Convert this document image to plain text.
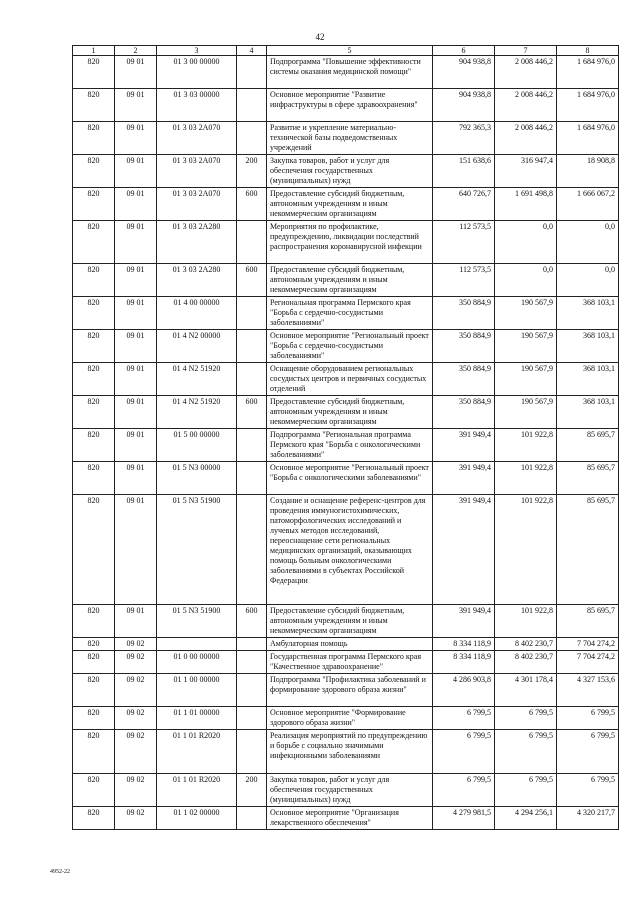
42
1	2	3	4	5	6	7	8
820	09 01	01 3 00 00000		Подпрограмма "Повышение эффективности системы оказания медицинской помощи"	904 938,8	2 008 446,2	1 684 976,0
820	09 01	01 3 03 00000		Основное мероприятие "Развитие инфраструктуры в сфере здравоохранения"	904 938,8	2 008 446,2	1 684 976,0
820	09 01	01 3 03 2А070		Развитие и укрепление материально-технической базы подведомственных учреждений	792 365,3	2 008 446,2	1 684 976,0
820	09 01	01 3 03 2А070	200	Закупка товаров, работ и услуг для обеспечения государственных (муниципальных) нужд	151 638,6	316 947,4	18 908,8
820	09 01	01 3 03 2А070	600	Предоставление субсидий бюджетным, автономным учреждениям и иным некоммерческим организациям	640 726,7	1 691 498,8	1 666 067,2
820	09 01	01 3 03 2А280		Мероприятия по профилактике, предупреждению, ликвидации последствий распространения коронавирусной инфекции	112 573,5	0,0	0,0
820	09 01	01 3 03 2А280	600	Предоставление субсидий бюджетным, автономным учреждениям и иным некоммерческим организациям	112 573,5	0,0	0,0
820	09 01	01 4 00 00000		Региональная программа Пермского края "Борьба с сердечно-сосудистыми заболеваниями"	350 884,9	190 567,9	368 103,1
820	09 01	01 4 N2 00000		Основное мероприятие "Региональный проект "Борьба с сердечно-сосудистыми заболеваниями"	350 884,9	190 567,9	368 103,1
820	09 01	01 4 N2 51920		Оснащение оборудованием региональных сосудистых центров и первичных сосудистых отделений	350 884,9	190 567,9	368 103,1
820	09 01	01 4 N2 51920	600	Предоставление субсидий бюджетным, автономным учреждениям и иным некоммерческим организациям	350 884,9	190 567,9	368 103,1
820	09 01	01 5 00 00000		Подпрограмма "Региональная программа Пермского края "Борьба с онкологическими заболеваниями"	391 949,4	101 922,8	85 695,7
820	09 01	01 5 N3 00000		Основное мероприятие "Региональный проект "Борьба с онкологическими заболеваниями"	391 949,4	101 922,8	85 695,7
820	09 01	01 5 N3 51900		Создание и оснащение референс-центров для проведения иммуногистохимических, патоморфологических исследований и лучевых методов исследований, переоснащение сети региональных медицинских организаций, оказывающих помощь больным онкологическими заболеваниями в субъектах Российской Федерации	391 949,4	101 922,8	85 695,7
820	09 01	01 5 N3 51900	600	Предоставление субсидий бюджетным, автономным учреждениям и иным некоммерческим организациям	391 949,4	101 922,8	85 695,7
820	09 02			Амбулаторная помощь	8 334 118,9	8 402 230,7	7 704 274,2
820	09 02	01 0 00 00000		Государственная программа Пермского края "Качественное здравоохранение"	8 334 118,9	8 402 230,7	7 704 274,2
820	09 02	01 1 00 00000		Подпрограмма "Профилактика заболеваний и формирование здорового образа жизни"	4 286 903,8	4 301 178,4	4 327 153,6
820	09 02	01 1 01 00000		Основное мероприятие "Формирование здорового образа жизни"	6 799,5	6 799,5	6 799,5
820	09 02	01 1 01 R2020		Реализация мероприятий по предупреждению и борьбе с социально значимыми инфекционными заболеваниями	6 799,5	6 799,5	6 799,5
820	09 02	01 1 01 R2020	200	Закупка товаров, работ и услуг для обеспечения государственных (муниципальных) нужд	6 799,5	6 799,5	6 799,5
820	09 02	01 1 02 00000		Основное мероприятие "Организация лекарственного обеспечения"	4 279 981,5	4 294 256,1	4 320 217,7
4952-22
